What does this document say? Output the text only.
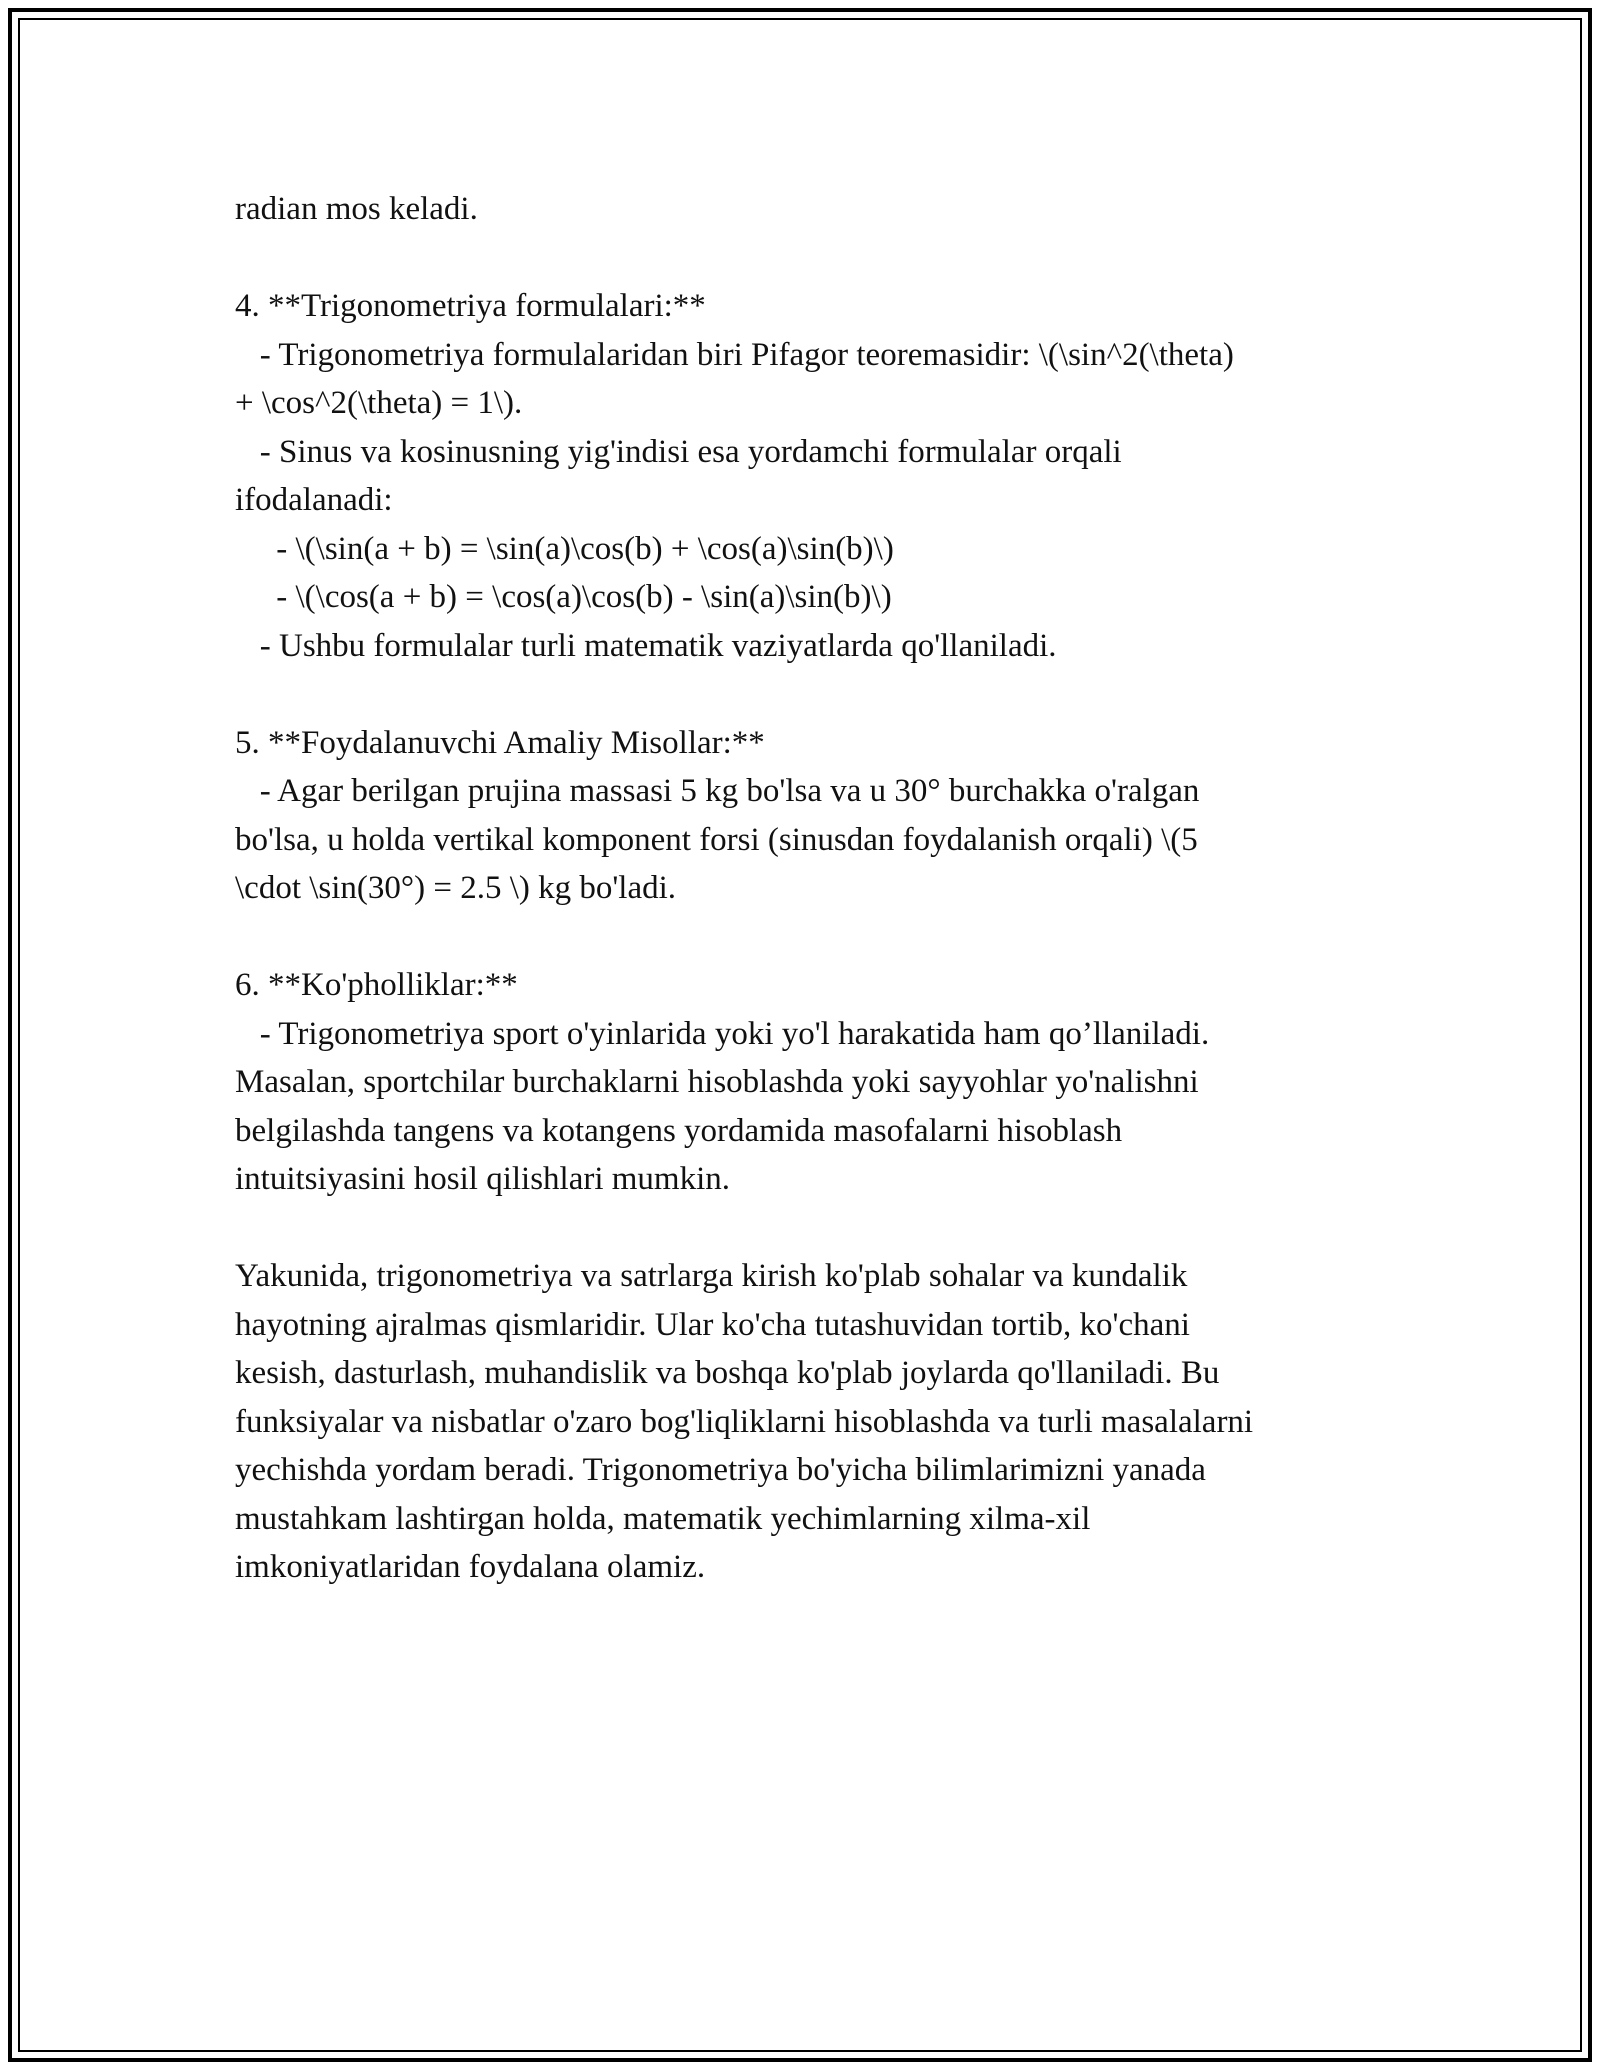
radian mos keladi.
4. **Trigonometriya formulalari:**
- Trigonometriya formulalaridan biri Pifagor teoremasidir: \(\sin^2(\theta)
+ \cos^2(\theta) = 1\).
- Sinus va kosinusning yig'indisi esa yordamchi formulalar orqali
ifodalanadi:
- \(\sin(a + b) = \sin(a)\cos(b) + \cos(a)\sin(b)\)
- \(\cos(a + b) = \cos(a)\cos(b) - \sin(a)\sin(b)\)
- Ushbu formulalar turli matematik vaziyatlarda qo'llaniladi.
5. **Foydalanuvchi Amaliy Misollar:**
- Agar berilgan prujina massasi 5 kg bo'lsa va u 30° burchakka o'ralgan
bo'lsa, u holda vertikal komponent forsi (sinusdan foydalanish orqali) \(5
\cdot \sin(30°) = 2.5 \) kg bo'ladi.
6. **Ko'pholliklar:**
- Trigonometriya sport o'yinlarida yoki yo'l harakatida ham qo’llaniladi.
Masalan, sportchilar burchaklarni hisoblashda yoki sayyohlar yo'nalishni
belgilashda tangens va kotangens yordamida masofalarni hisoblash
intuitsiyasini hosil qilishlari mumkin.
Yakunida, trigonometriya va satrlarga kirish ko'plab sohalar va kundalik
hayotning ajralmas qismlaridir. Ular ko'cha tutashuvidan tortib, ko'chani
kesish, dasturlash, muhandislik va boshqa ko'plab joylarda qo'llaniladi. Bu
funksiyalar va nisbatlar o'zaro bog'liqliklarni hisoblashda va turli masalalarni
yechishda yordam beradi. Trigonometriya bo'yicha bilimlarimizni yanada
mustahkam lashtirgan holda, matematik yechimlarning xilma-xil
imkoniyatlaridan foydalana olamiz.
